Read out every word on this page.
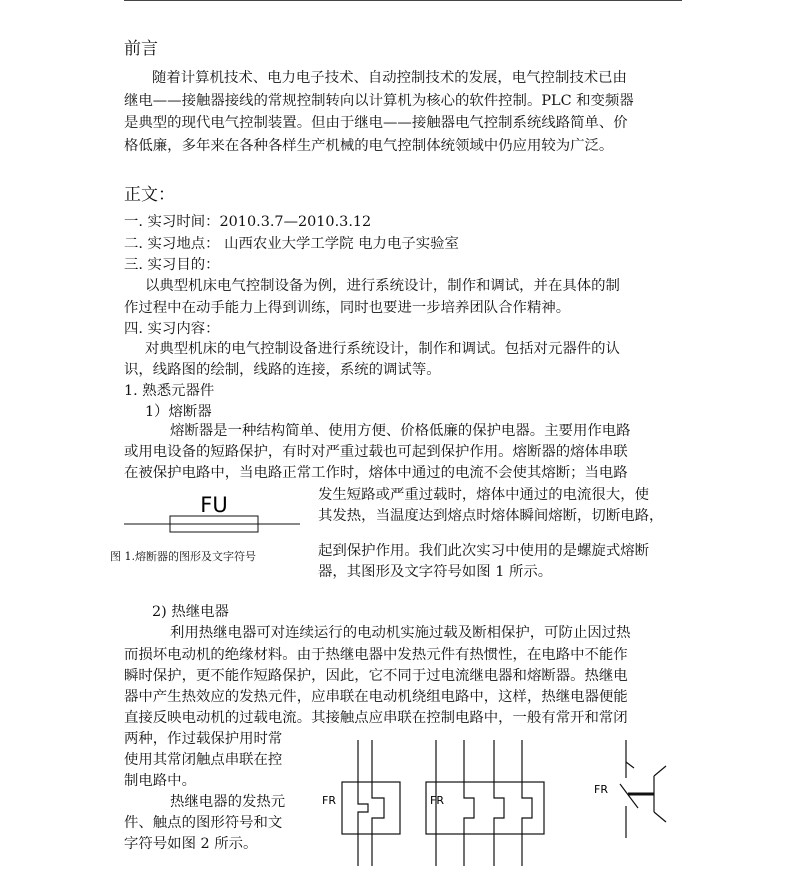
前言
随着计算机技术、电力电子技术、自动控制技术的发展，电气控制技术已由
继电——接触器接线的常规控制转向以计算机为核心的软件控制。PLC 和变频器
是典型的现代电气控制装置。但由于继电——接触器电气控制系统线路简单、价
格低廉，多年来在各种各样生产机械的电气控制体统领域中仍应用较为广泛。
正文：
一. 实习时间：2010.3.7—2010.3.12
二. 实习地点： 山西农业大学工学院 电力电子实验室
三. 实习目的：
以典型机床电气控制设备为例，进行系统设计，制作和调试，并在具体的制
作过程中在动手能力上得到训练，同时也要进一步培养团队合作精神。
四. 实习内容：
对典型机床的电气控制设备进行系统设计，制作和调试。包括对元器件的认
识，线路图的绘制，线路的连接，系统的调试等。
1. 熟悉元器件
1）熔断器
熔断器是一种结构简单、使用方便、价格低廉的保护电器。主要用作电路
或用电设备的短路保护，有时对严重过载也可起到保护作用。熔断器的熔体串联
在被保护电路中，当电路正常工作时，熔体中通过的电流不会使其熔断；当电路
发生短路或严重过载时，熔体中通过的电流很大，使
其发热，当温度达到熔点时熔体瞬间熔断，切断电路，
起到保护作用。我们此次实习中使用的是螺旋式熔断
器，其图形及文字符号如图 1 所示。
FU
图 1.熔断器的图形及文字符号
2) 热继电器
利用热继电器可对连续运行的电动机实施过载及断相保护，可防止因过热
而损坏电动机的绝缘材料。由于热继电器中发热元件有热惯性，在电路中不能作
瞬时保护，更不能作短路保护，因此，它不同于过电流继电器和熔断器。热继电
器中产生热效应的发热元件，应串联在电动机绕组电路中，这样，热继电器便能
直接反映电动机的过载电流。其接触点应串联在控制电路中，一般有常开和常闭
两种，作过载保护用时常
使用其常闭触点串联在控
制电路中。
热继电器的发热元
件、触点的图形符号和文
字符号如图 2 所示。
FR	FR
FR
